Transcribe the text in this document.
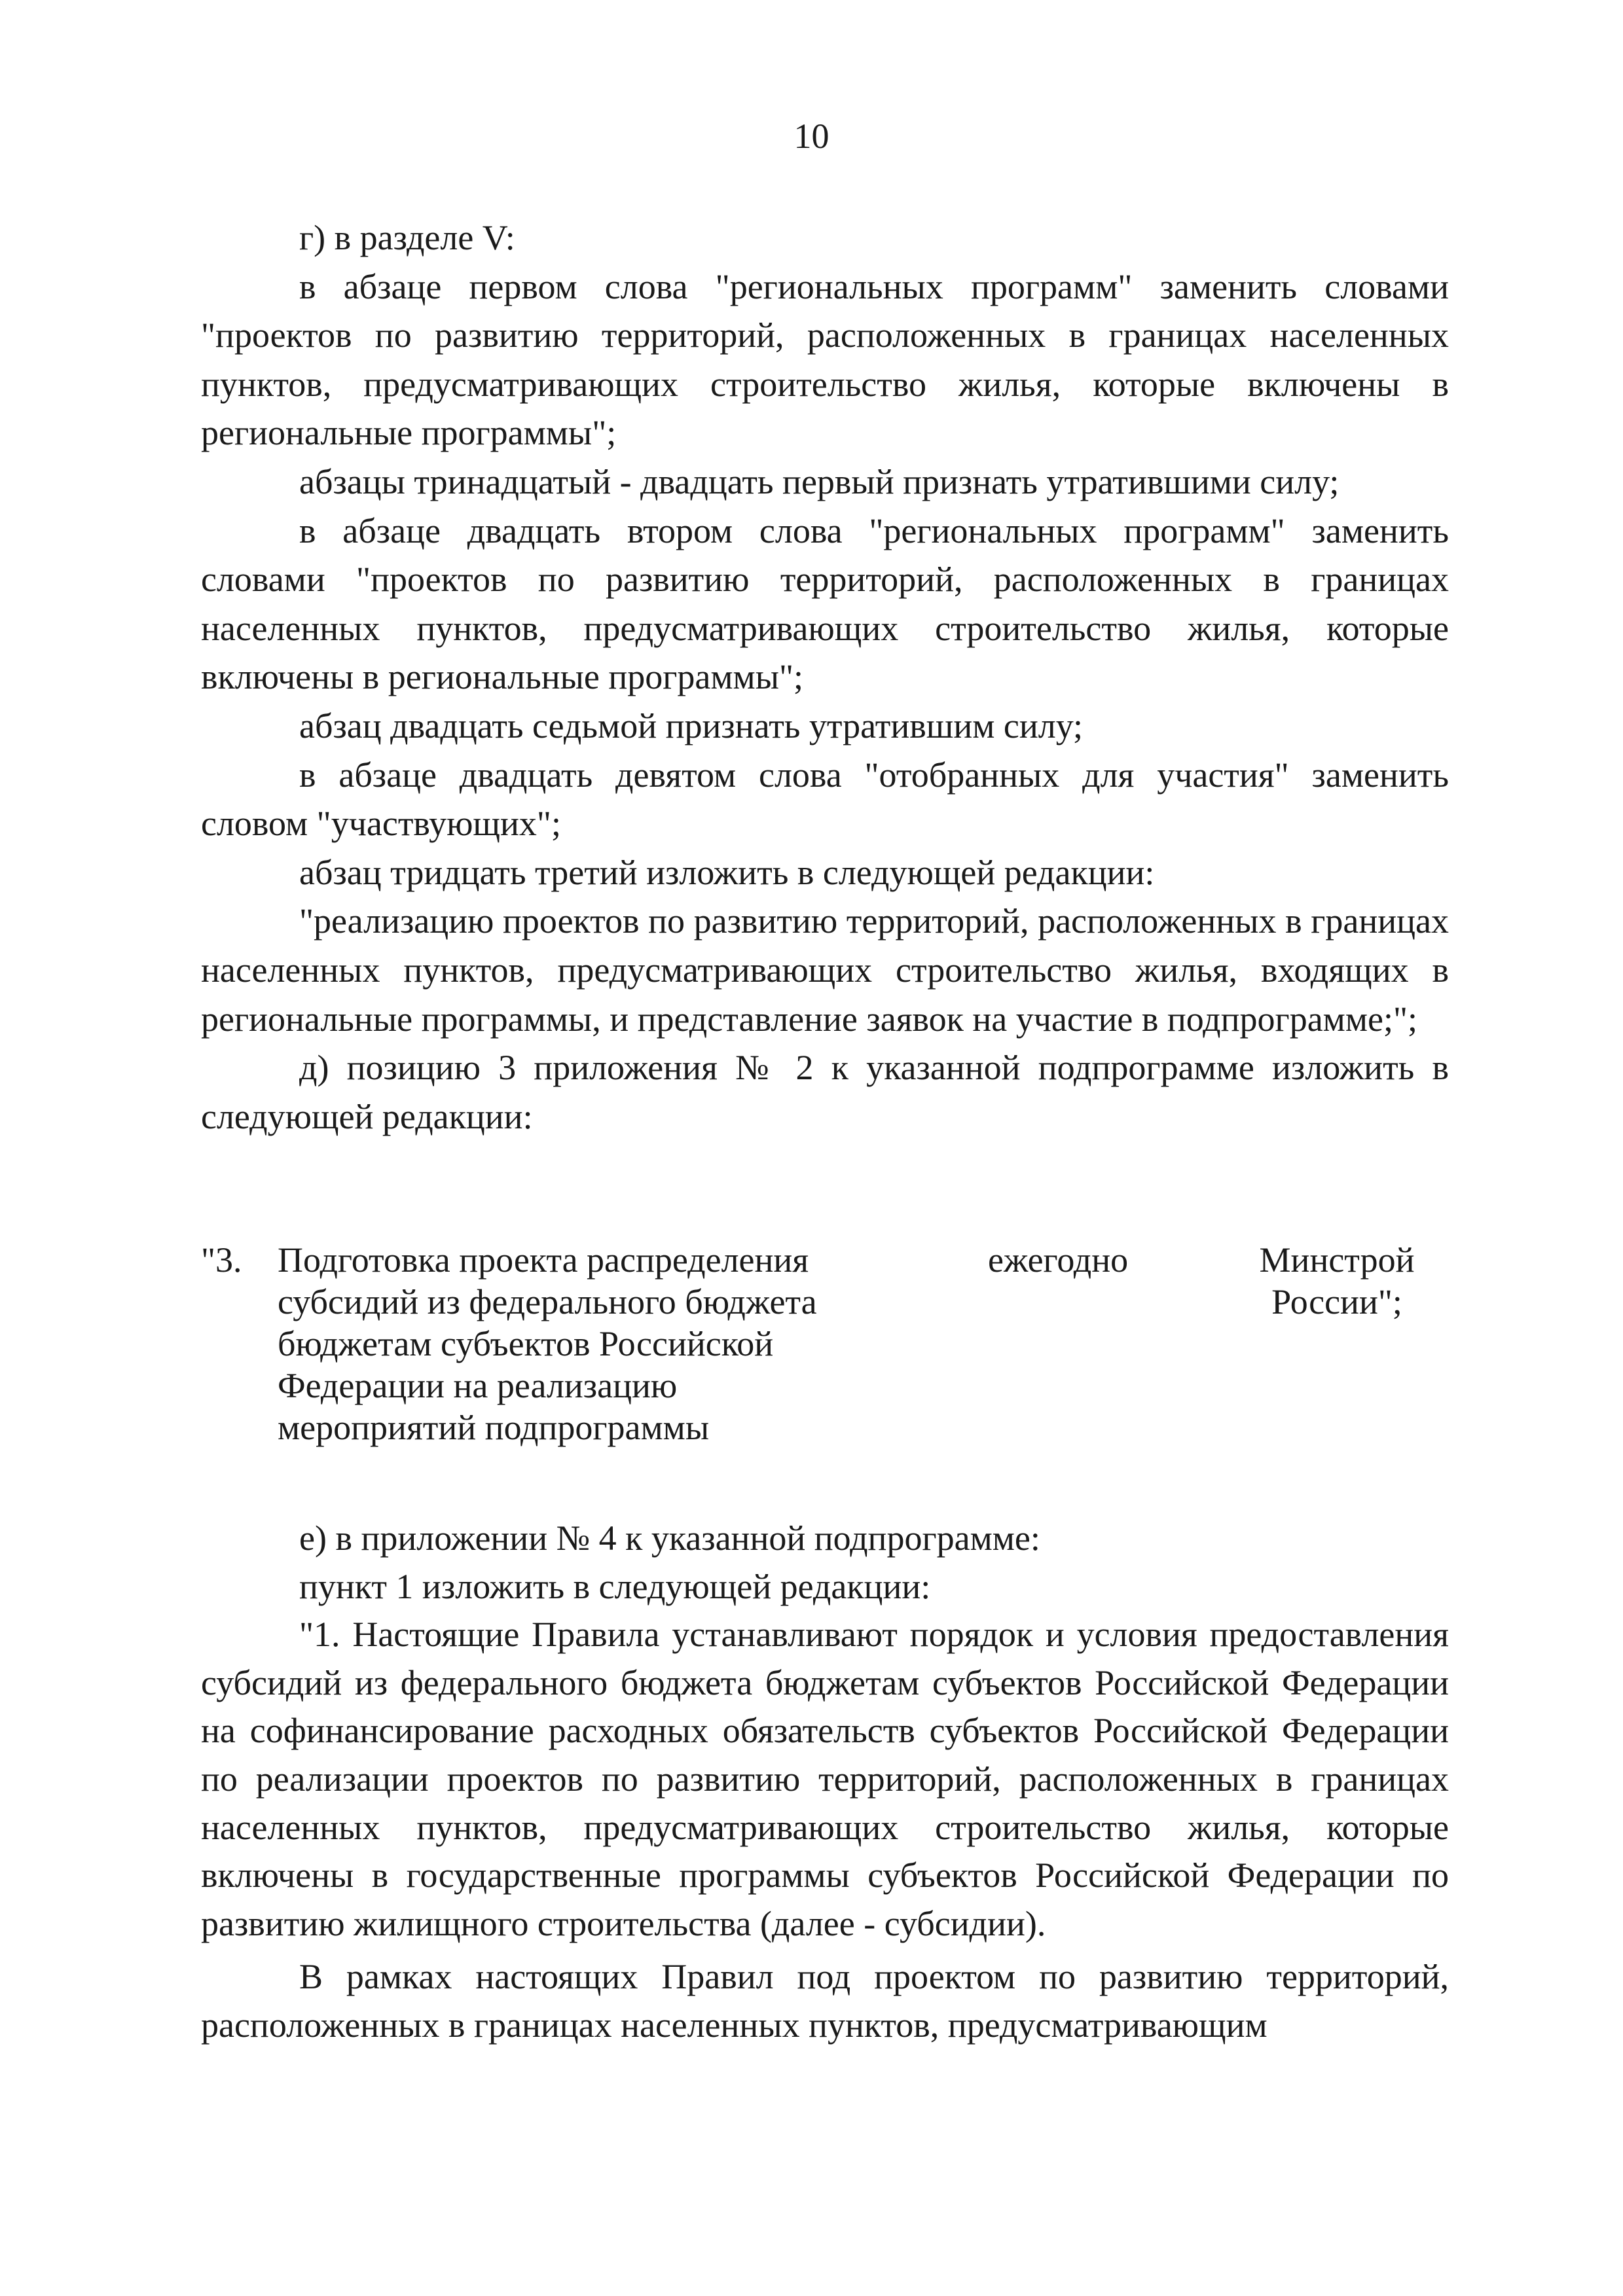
10

г) в разделе V:

в абзаце первом слова "региональных программ" заменить словами "проектов по развитию территорий, расположенных в границах населенных пунктов, предусматривающих строительство жилья, которые включены в региональные программы";

абзацы тринадцатый - двадцать первый признать утратившими силу;

в абзаце двадцать втором слова "региональных программ" заменить словами "проектов по развитию территорий, расположенных в границах населенных пунктов, предусматривающих строительство жилья, которые включены в региональные программы";

абзац двадцать седьмой признать утратившим силу;

в абзаце двадцать девятом слова "отобранных для участия" заменить словом "участвующих";

абзац тридцать третий изложить в следующей редакции:

"реализацию проектов по развитию территорий, расположенных в границах населенных пунктов, предусматривающих строительство жилья, входящих в региональные программы, и представление заявок на участие в подпрограмме;";

д) позицию 3 приложения № 2 к указанной подпрограмме изложить в следующей редакции:

"3. Подготовка проекта распределения субсидий из федерального бюджета бюджетам субъектов Российской Федерации на реализацию мероприятий подпрограммы
ежегодно	Минстрой России";

е) в приложении № 4 к указанной подпрограмме:

пункт 1 изложить в следующей редакции:

"1. Настоящие Правила устанавливают порядок и условия предоставления субсидий из федерального бюджета бюджетам субъектов Российской Федерации на софинансирование расходных обязательств субъектов Российской Федерации по реализации проектов по развитию территорий, расположенных в границах населенных пунктов, предусматривающих строительство жилья, которые включены в государственные программы субъектов Российской Федерации по развитию жилищного строительства (далее - субсидии).

В рамках настоящих Правил под проектом по развитию территорий, расположенных в границах населенных пунктов, предусматривающим
